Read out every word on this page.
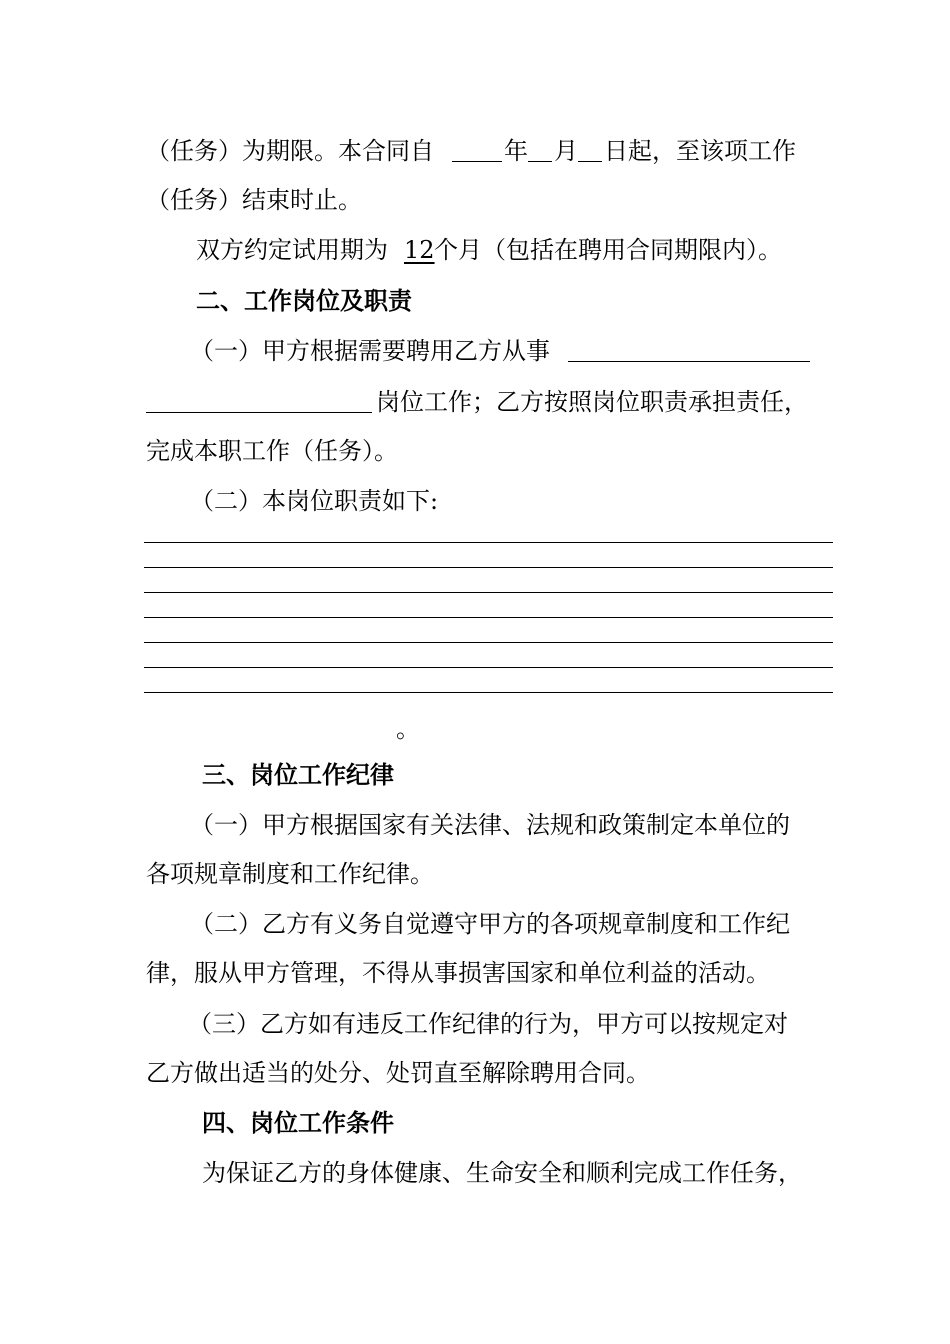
（任务）为期限。本合同自	年 月 日起，至该项工作
（任务）结束时止。
双方约定试用期为 12 个月（包括在聘用合同期限内）。
二、工作岗位及职责
（一）甲方根据需要聘用乙方从事
岗位工作；乙方按照岗位职责承担责任，
完成本职工作（任务）。
（二）本岗位职责如下:
。
三、岗位工作纪律
（一）甲方根据国家有关法律、法规和政策制定本单位的
各项规章制度和工作纪律。
（二）乙方有义务自觉遵守甲方的各项规章制度和工作纪
律，服从甲方管理，不得从事损害国家和单位利益的活动。
（三）乙方如有违反工作纪律的行为，甲方可以按规定对
乙方做出适当的处分、处罚直至解除聘用合同。
四、岗位工作条件
为保证乙方的身体健康、生命安全和顺利完成工作任务，
